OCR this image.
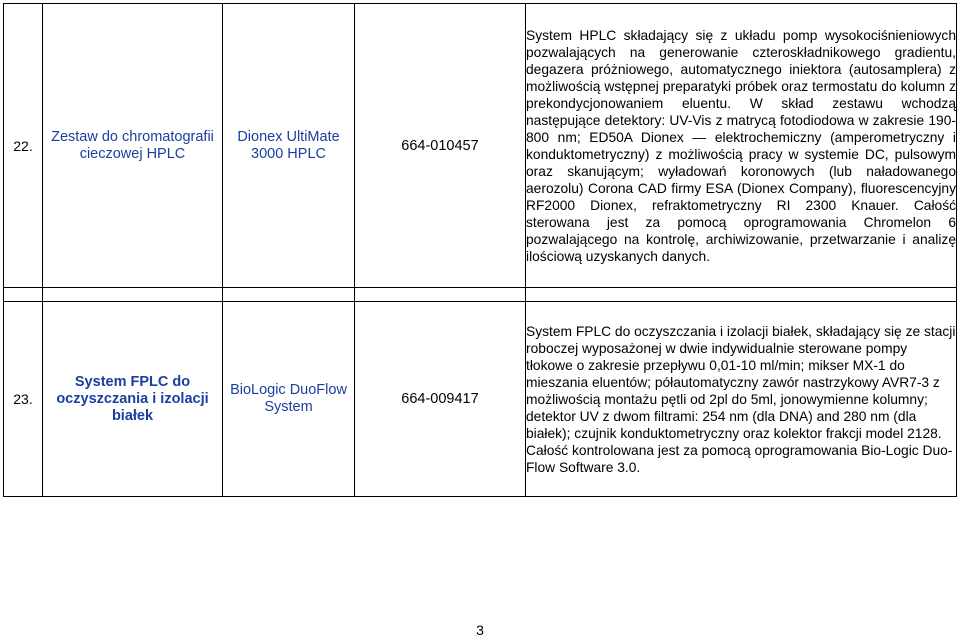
22.	Zestaw do chromatografii cieczowej HPLC	Dionex UltiMate 3000 HPLC	664-010457	System HPLC składający się z układu pomp wysokociśnieniowych pozwalających na generowanie czteroskładnikowego gradientu, degazera próżniowego, automatycznego iniektora (autosamplera) z możliwością wstępnej preparatyki próbek oraz termostatu do kolumn z prekondycjonowaniem eluentu. W skład zestawu wchodzą następujące detektory: UV-Vis z matrycą fotodiodowa w zakresie 190-800 nm; ED50A Dionex — elektrochemiczny (amperometryczny i konduktometryczny) z możliwością pracy w systemie DC, pulsowym oraz skanującym; wyładowań koronowych (lub naładowanego aerozolu) Corona CAD firmy ESA (Dionex Company), fluorescencyjny RF2000 Dionex, refraktometryczny RI 2300 Knauer. Całość sterowana jest za pomocą oprogramowania Chromelon 6 pozwalającego na kontrolę, archiwizowanie, przetwarzanie i analizę ilościową uzyskanych danych.

23.	System FPLC do oczyszczania i izolacji białek	BioLogic DuoFlow System	664-009417	System FPLC do oczyszczania i izolacji białek, składający się ze stacji roboczej wyposażonej w dwie indywidualnie sterowane pompy tłokowe o zakresie przepływu 0,01-10 ml/min; mikser MX-1 do mieszania eluentów; półautomatyczny zawór nastrzykowy AVR7-3 z możliwością montażu pętli od 2pl do 5ml, jonowymienne kolumny; detektor UV z dwom filtrami: 254 nm (dla DNA) and 280 nm (dla białek); czujnik konduktometryczny oraz kolektor frakcji model 2128. Całość kontrolowana jest za pomocą oprogramowania Bio-Logic Duo-Flow Software 3.0.
3
